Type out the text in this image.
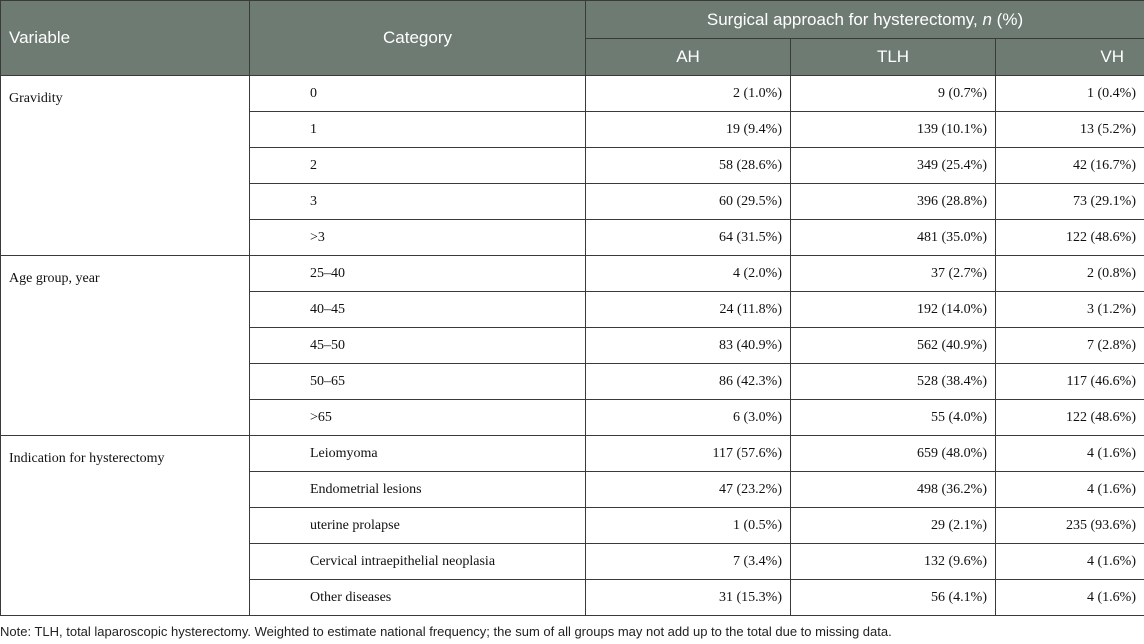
Variable	Category	Surgical approach for hysterectomy, n (%)		
		AH	TLH	VH
Gravidity	0	2 (1.0%)	9 (0.7%)	1 (0.4%)
	1	19 (9.4%)	139 (10.1%)	13 (5.2%)
	2	58 (28.6%)	349 (25.4%)	42 (16.7%)
	3	60 (29.5%)	396 (28.8%)	73 (29.1%)
	>3	64 (31.5%)	481 (35.0%)	122 (48.6%)
Age group, year	25–40	4 (2.0%)	37 (2.7%)	2 (0.8%)
	40–45	24 (11.8%)	192 (14.0%)	3 (1.2%)
	45–50	83 (40.9%)	562 (40.9%)	7 (2.8%)
	50–65	86 (42.3%)	528 (38.4%)	117 (46.6%)
	>65	6 (3.0%)	55 (4.0%)	122 (48.6%)
Indication for hysterectomy	Leiomyoma	117 (57.6%)	659 (48.0%)	4 (1.6%)
	Endometrial lesions	47 (23.2%)	498 (36.2%)	4 (1.6%)
	uterine prolapse	1 (0.5%)	29 (2.1%)	235 (93.6%)
	Cervical intraepithelial neoplasia	7 (3.4%)	132 (9.6%)	4 (1.6%)
	Other diseases	31 (15.3%)	56 (4.1%)	4 (1.6%)
Note: TLH, total laparoscopic hysterectomy. Weighted to estimate national frequency; the sum of all groups may not add up to the total due to missing data.
